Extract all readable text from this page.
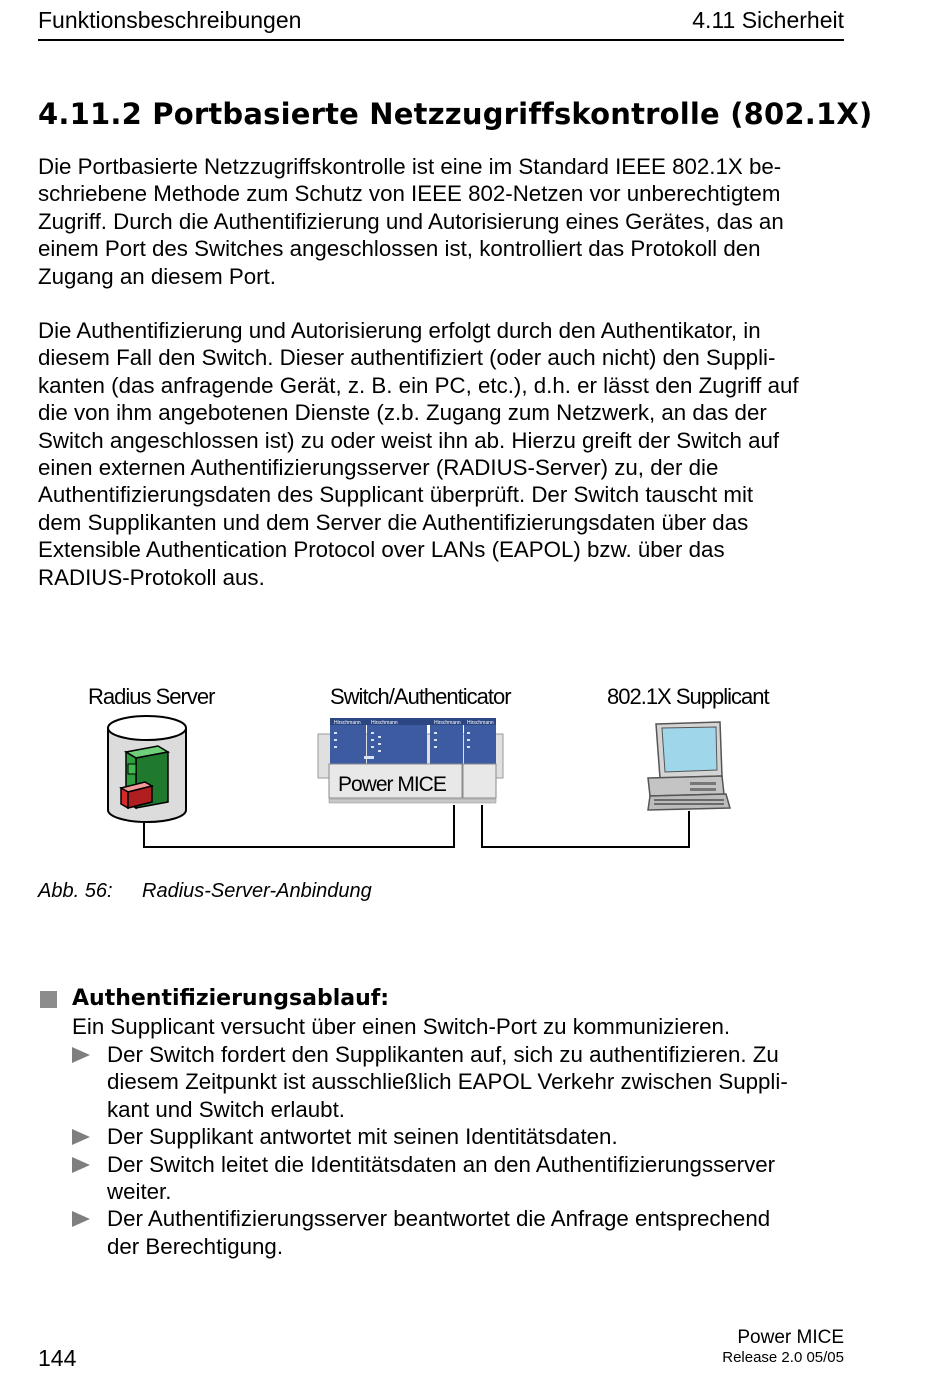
Funktionsbeschreibungen	4.11 Sicherheit
4.11.2 Portbasierte Netzzugriffskontrolle (802.1X)
Die Portbasierte Netzzugriffskontrolle ist eine im Standard IEEE 802.1X be-
schriebene Methode zum Schutz von IEEE 802-Netzen vor unberechtigtem
Zugriff. Durch die Authentifizierung und Autorisierung eines Gerätes, das an
einem Port des Switches angeschlossen ist, kontrolliert das Protokoll den
Zugang an diesem Port.
Die Authentifizierung und Autorisierung erfolgt durch den Authentikator, in
diesem Fall den Switch. Dieser authentifiziert (oder auch nicht) den Suppli-
kanten (das anfragende Gerät, z. B. ein PC, etc.), d.h. er lässt den Zugriff auf
die von ihm angebotenen Dienste (z.b. Zugang zum Netzwerk, an das der
Switch angeschlossen ist) zu oder weist ihn ab. Hierzu greift der Switch auf
einen externen Authentifizierungsserver (RADIUS-Server) zu, der die
Authentifizierungsdaten des Supplicant überprüft. Der Switch tauscht mit
dem Supplikanten und dem Server die Authentifizierungsdaten über das
Extensible Authentication Protocol over LANs (EAPOL) bzw. über das
RADIUS-Protokoll aus.
Radius Server	Switch/Authenticator	802.1X Supplicant
Hirschmann Hirschmann	Hirschmann Hirschmann
Power MICE
Abb. 56: Radius-Server-Anbindung
Authentifizierungsablauf:
Ein Supplicant versucht über einen Switch-Port zu kommunizieren.
Der Switch fordert den Supplikanten auf, sich zu authentifizieren. Zu
diesem Zeitpunkt ist ausschließlich EAPOL Verkehr zwischen Suppli-
kant und Switch erlaubt.
Der Supplikant antwortet mit seinen Identitätsdaten.
Der Switch leitet die Identitätsdaten an den Authentifizierungsserver
weiter.
Der Authentifizierungsserver beantwortet die Anfrage entsprechend
der Berechtigung.
144
Power MICE
Release 2.0 05/05
